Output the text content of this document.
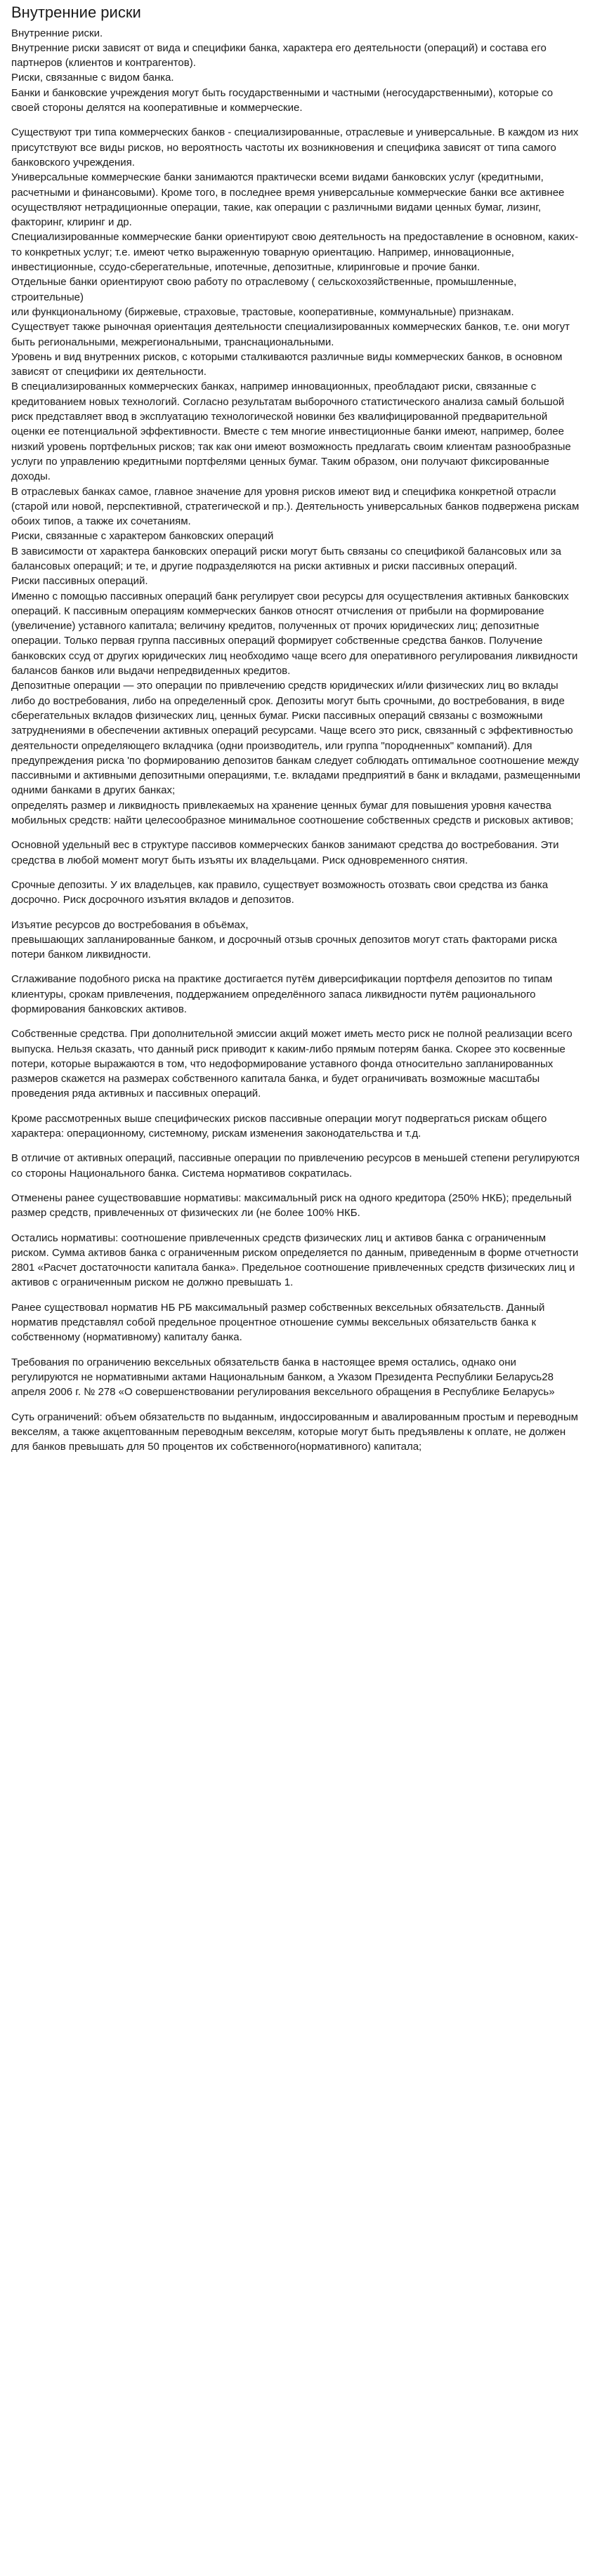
Внутренние риски

Внутренние риски.

Внутренние риски зависят от вида и специфики банка, характера его деятельности (операций) и состава его партнеров (клиентов и контрагентов).

Риски, связанные с видом банка.

Банки и банковские учреждения могут быть государственными и частными (негосударственными), которые со своей стороны делятся на кооперативные и коммерческие.

Существуют три типа коммерческих банков - специализированные, отраслевые и универсальные. В каждом из них присутствуют все виды рисков, но вероятность частоты их возникновения и специфика зависят от типа самого банковского учреждения.

Универсальные коммерческие банки занимаются практически всеми видами банковских услуг (кредитными, расчетными и финансовыми). Кроме того, в последнее время универсальные коммерческие банки все активнее осуществляют нетрадиционные операции, такие, как операции с различными видами ценных бумаг, лизинг, факторинг, клиринг и др.

Специализированные коммерческие банки ориентируют свою деятельность на предоставление в основном, каких- то конкретных услуг; т.е. имеют четко выраженную товарную ориентацию. Например, инновационные, инвестиционные, ссудо-сберегательные, ипотечные, депозитные, клиринговые и прочие банки.

Отдельные банки ориентируют свою работу по отраслевому ( сельскохозяйственные, промышленные, строительные)

или функциональному (биржевые, страховые, трастовые, кооперативные, коммунальные) признакам.

Существует также рыночная ориентация деятельности специализированных коммерческих банков, т.е. они могут быть региональными, межрегиональными, транснациональными.

Уровень и вид внутренних рисков, с которыми сталкиваются различные виды коммерческих банков, в основном зависят от специфики их деятельности.

В специализированных коммерческих банках, например инновационных, преобладают риски, связанные с кредитованием новых технологий. Согласно результатам выборочного статистического анализа самый большой риск представляет ввод в эксплуатацию технологической новинки без квалифицированной предварительной оценки ее потенциальной эффективности. Вместе с тем многие инвестиционные банки имеют, например, более низкий уровень портфельных рисков; так как они имеют возможность предлагать своим клиентам разнообразные услуги по управлению кредитными портфелями ценных бумаг. Таким образом, они получают фиксированные доходы.

В отраслевых банках самое, главное значение для уровня рисков имеют вид и специфика конкретной отрасли (старой или новой, перспективной, стратегической и пр.). Деятельность универсальных банков подвержена рискам обоих типов, а также их сочетаниям.

Риски, связанные с характером банковских операций

В зависимости от характера банковских операций риски могут быть связаны со спецификой балансовых или за балансовых операций; и те, и другие подразделяются на риски активных и риски пассивных операций.

Риски пассивных операций.

Именно с помощью пассивных операций банк регулирует свои ресурсы для осуществления активных банковских операций. К пассивным операциям коммерческих банков относят отчисления от прибыли на формирование (увеличение) уставного капитала; величину кредитов, полученных от прочих юридических лиц; депозитные операции. Только первая группа пассивных операций формирует собственные средства банков. Получение банковских ссуд от других юридических лиц необходимо чаще всего для оперативного регулирования ликвидности балансов банков или выдачи непредвиденных кредитов.

Депозитные операции — это операции по привлечению средств юридических и/или физических лиц во вклады либо до востребования, либо на определенный срок. Депозиты могут быть срочными, до востребования, в виде сберегательных вкладов физических лиц, ценных бумаг. Риски пассивных операций связаны с возможными затруднениями в обеспечении активных операций ресурсами. Чаще всего это риск, связанный с эффективностью деятельности определяющего вкладчика (одни производитель, или группа "породненных" компаний). Для предупреждения риска 'по формированию депозитов банкам следует соблюдать оптимальное соотношение между пассивными и активными депозитными операциями, т.е. вкладами предприятий в банк и вкладами, размещенными одними банками в других банках;

определять размер и ликвидность привлекаемых на хранение ценных бумаг для повышения уровня качества мобильных средств: найти целесообразное минимальное соотношение собственных средств и рисковых активов;

Основной удельный вес в структуре пассивов коммерческих банков занимают средства до востребования. Эти средства в любой момент могут быть изъяты их владельцами. Риск одновременного снятия.

Срочные депозиты. У их владельцев, как правило, существует возможность отозвать свои средства из банка досрочно. Риск досрочного изъятия вкладов и депозитов.

Изъятие ресурсов до востребования в объёмах,

превышающих запланированные банком, и досрочный отзыв срочных депозитов могут стать факторами риска потери банком ликвидности.

Сглаживание подобного риска на практике достигается путём диверсификации портфеля депозитов по типам клиентуры, срокам привлечения, поддержанием определённого запаса ликвидности путём рационального формирования банковских активов.

Собственные средства. При дополнительной эмиссии акций может иметь место риск не полной реализации всего выпуска. Нельзя сказать, что данный риск приводит к каким-либо прямым потерям банка. Скорее это косвенные потери, которые выражаются в том, что недоформирование уставного фонда относительно запланированных размеров скажется на размерах собственного капитала банка, и будет ограничивать возможные масштабы проведения ряда активных и пассивных операций.

Кроме рассмотренных выше специфических рисков пассивные операции могут подвергаться рискам общего характера: операционному, системному, рискам изменения законодательства и т.д.

В отличие от активных операций, пассивные операции по привлечению ресурсов в меньшей степени регулируются со стороны Национального банка. Система нормативов сократилась.

Отменены ранее существовавшие нормативы: максимальный риск на одного кредитора (250% НКБ); предельный размер средств, привлеченных от физических ли (не более 100% НКБ.

Остались нормативы: соотношение привлеченных средств физических лиц и активов банка с ограниченным риском. Сумма активов банка с ограниченным риском определяется по данным, приведенным в форме отчетности 2801 «Расчет достаточности капитала банка». Предельное соотношение привлеченных средств физических лиц и активов с ограниченным риском не должно превышать 1.

Ранее существовал норматив НБ РБ максимальный размер собственных вексельных обязательств. Данный норматив представлял собой предельное процентное отношение суммы вексельных обязательств банка к собственному (нормативному) капиталу банка.

Требования по ограничению вексельных обязательств банка в настоящее время остались, однако они регулируются не нормативными актами Национальным банком, а Указом Президента Республики Беларусь28 апреля 2006 г. № 278 «О совершенствовании регулирования вексельного обращения в Республике Беларусь»

Суть ограничений: объем обязательств по выданным, индоссированным и авалированным простым и переводным векселям, а также акцептованным переводным векселям, которые могут быть предъявлены к оплате, не должен для банков превышать для 50 процентов их собственного(нормативного) капитала;
